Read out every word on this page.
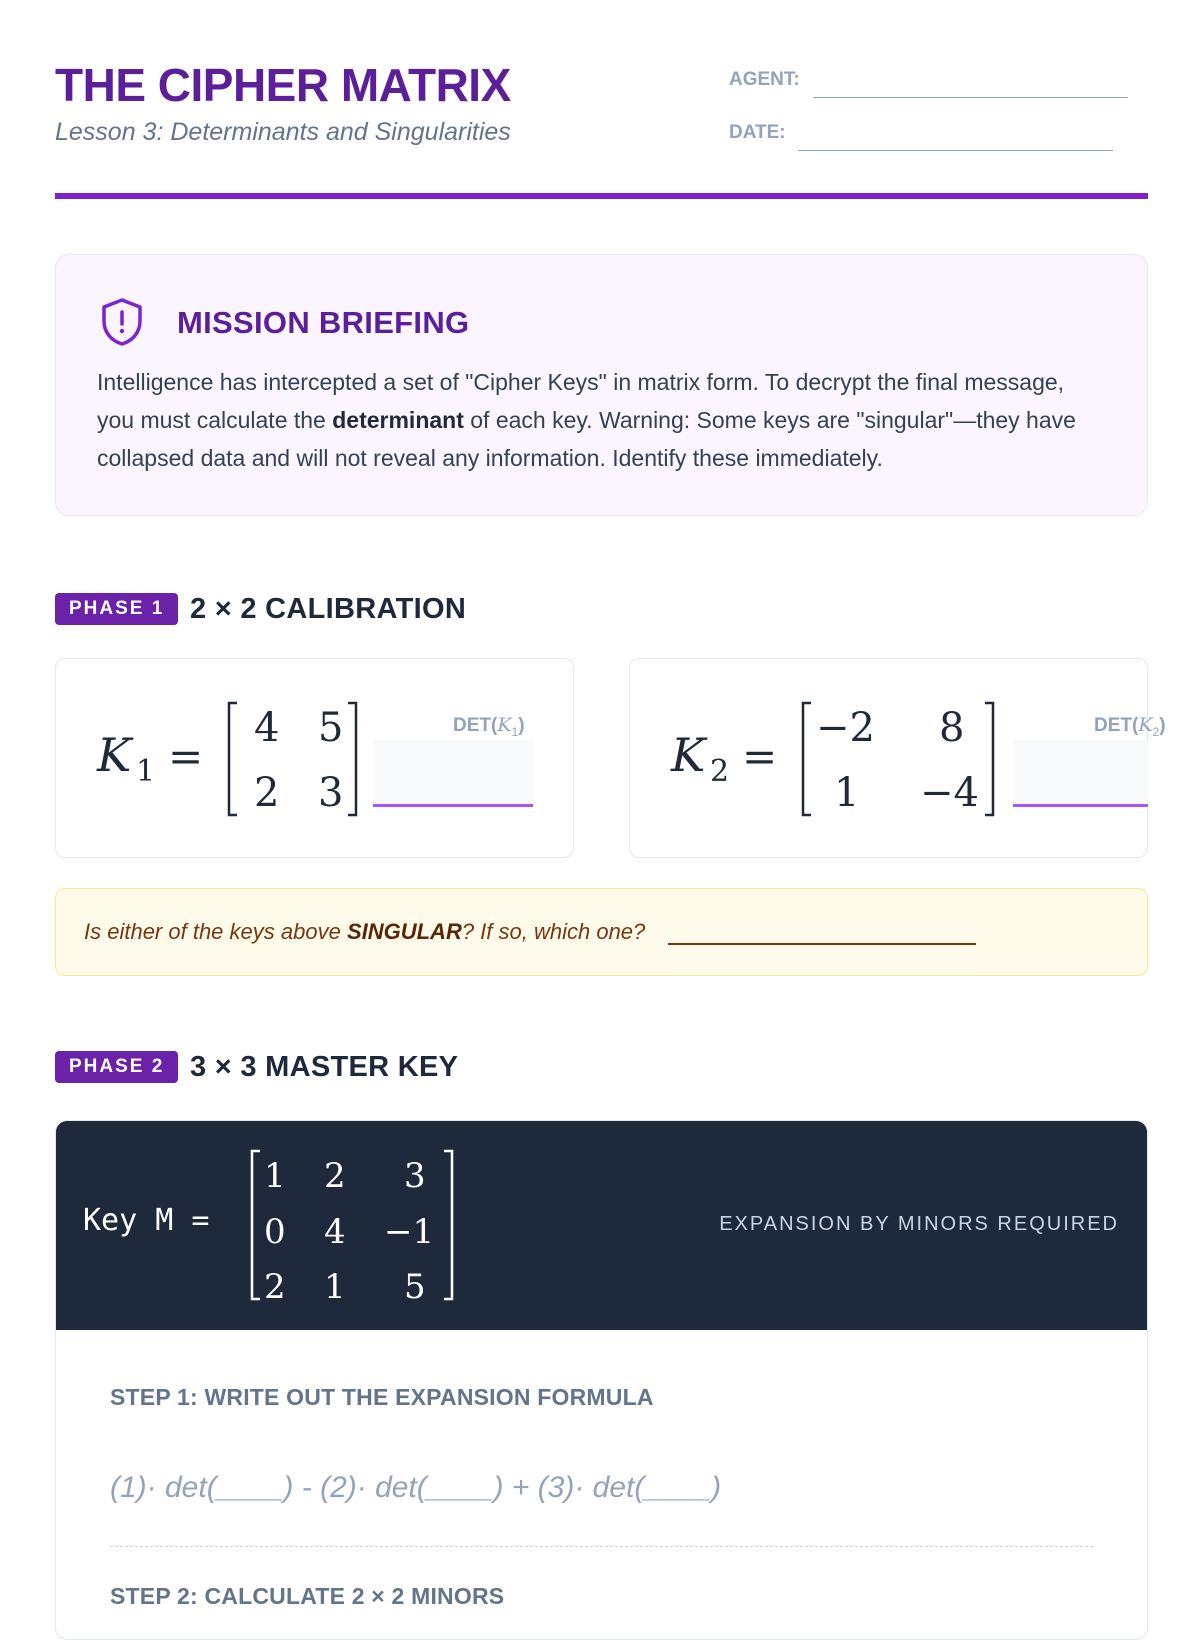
THE CIPHER MATRIX

Lesson 3: Determinants and Singularities

AGENT:
DATE:
MISSION BRIEFING
Intelligence has intercepted a set of "Cipher Keys" in matrix form. To decrypt the final message, you must calculate the determinant of each key. Warning: Some keys are "singular"—they have collapsed data and will not reveal any information. Identify these immediately.
PHASE 1 2 × 2 CALIBRATION
K 1 =
4 5
2 3
$DET(K_1)$
K 2 =
−2 8
1 −4
$DET(K_2)$
Is either of the keys above SINGULAR? If so, which one?
PHASE 2 3 × 3 MASTER KEY
Key M =
1 2 3
0 4 −1
2 1 5
EXPANSION BY MINORS REQUIRED
STEP 1: WRITE OUT THE EXPANSION FORMULA
(1)· det(____) - (2)· det(____) + (3)· det(____)
STEP 2: CALCULATE 2 × 2 MINORS
